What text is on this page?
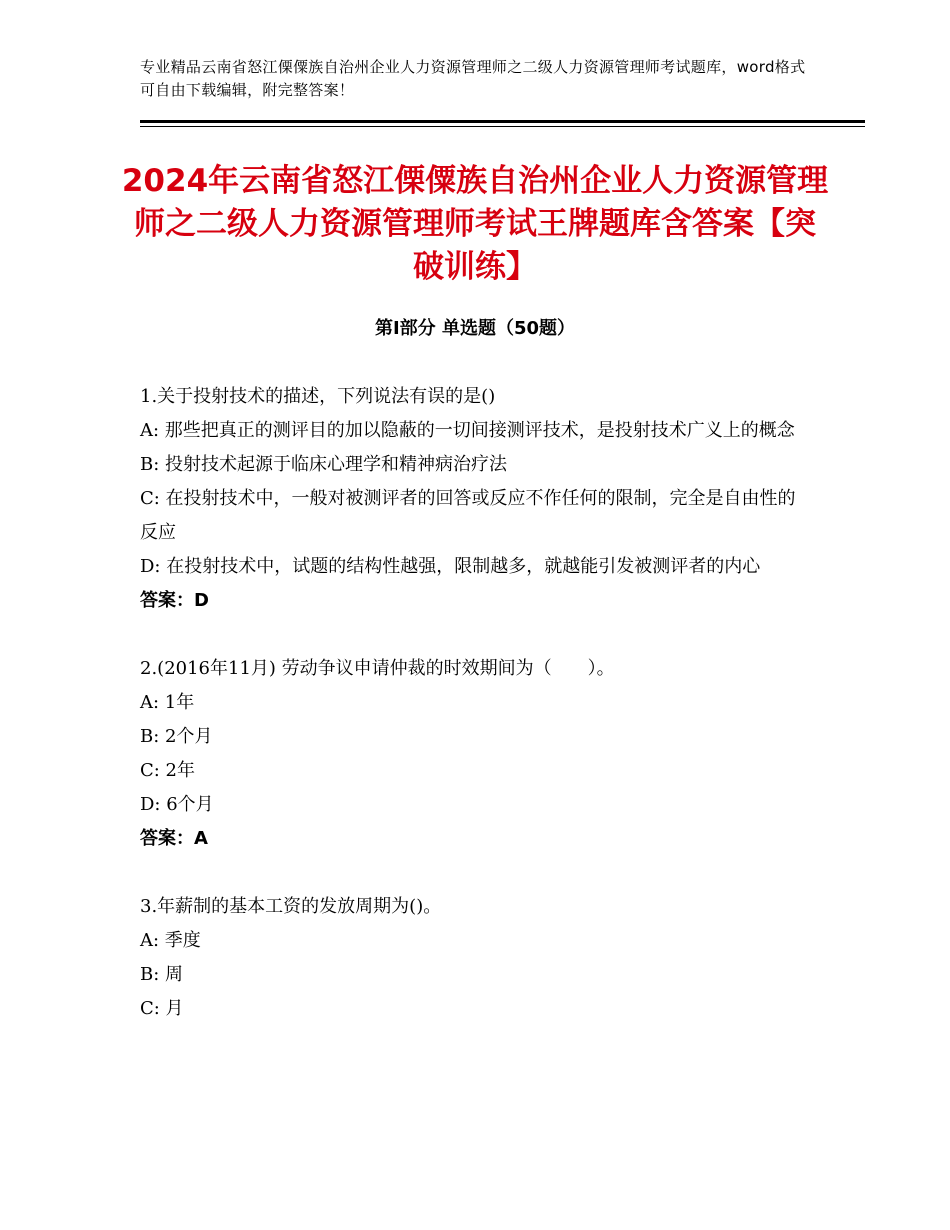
专业精品云南省怒江傈僳族自治州企业人力资源管理师之二级人力资源管理师考试题库，word格式可自由下载编辑，附完整答案！
2024年云南省怒江傈僳族自治州企业人力资源管理师之二级人力资源管理师考试王牌题库含答案【突破训练】
第Ⅰ部分 单选题（50题）
1.关于投射技术的描述，下列说法有误的是()
A: 那些把真正的测评目的加以隐蔽的一切间接测评技术，是投射技术广义上的概念
B: 投射技术起源于临床心理学和精神病治疗法
C: 在投射技术中，一般对被测评者的回答或反应不作任何的限制，完全是自由性的反应
D: 在投射技术中，试题的结构性越强，限制越多，就越能引发被测评者的内心
答案：D
2.(2016年11月) 劳动争议申请仲裁的时效期间为（　　）。
A: 1年
B: 2个月
C: 2年
D: 6个月
答案：A
3.年薪制的基本工资的发放周期为()。
A: 季度
B: 周
C: 月
